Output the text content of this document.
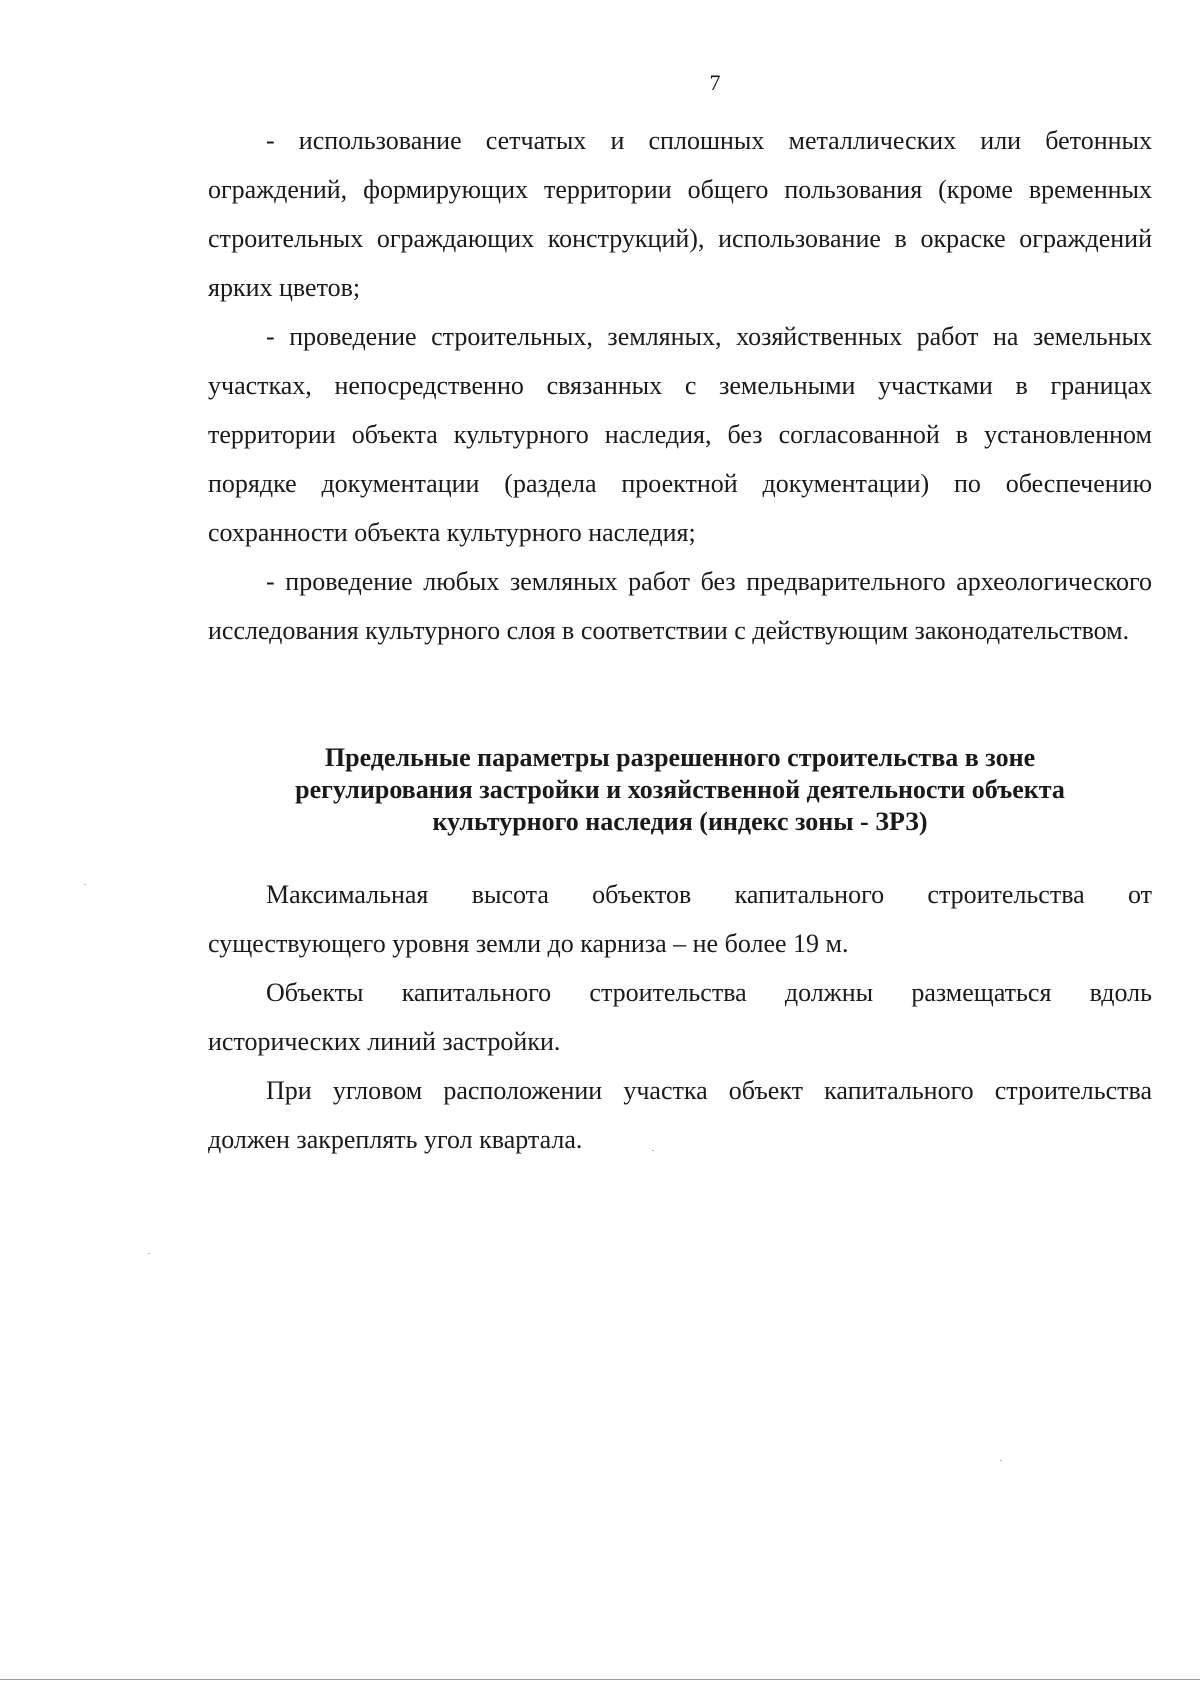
7

- использование сетчатых и сплошных металлических или бетонных ограждений, формирующих территории общего пользования (кроме временных строительных ограждающих конструкций), использование в окраске ограждений ярких цветов;

- проведение строительных, земляных, хозяйственных работ на земельных участках, непосредственно связанных с земельными участками в границах территории объекта культурного наследия, без согласованной в установленном порядке документации (раздела проектной документации) по обеспечению сохранности объекта культурного наследия;

- проведение любых земляных работ без предварительного археологического исследования культурного слоя в соответствии с действующим законодательством.

Предельные параметры разрешенного строительства в зоне
регулирования застройки и хозяйственной деятельности объекта
культурного наследия (индекс зоны - ЗРЗ)

Максимальная высота объектов капитального строительства от существующего уровня земли до карниза – не более 19 м.

Объекты капитального строительства должны размещаться вдоль исторических линий застройки.

При угловом расположении участка объект капитального строительства должен закреплять угол квартала.
